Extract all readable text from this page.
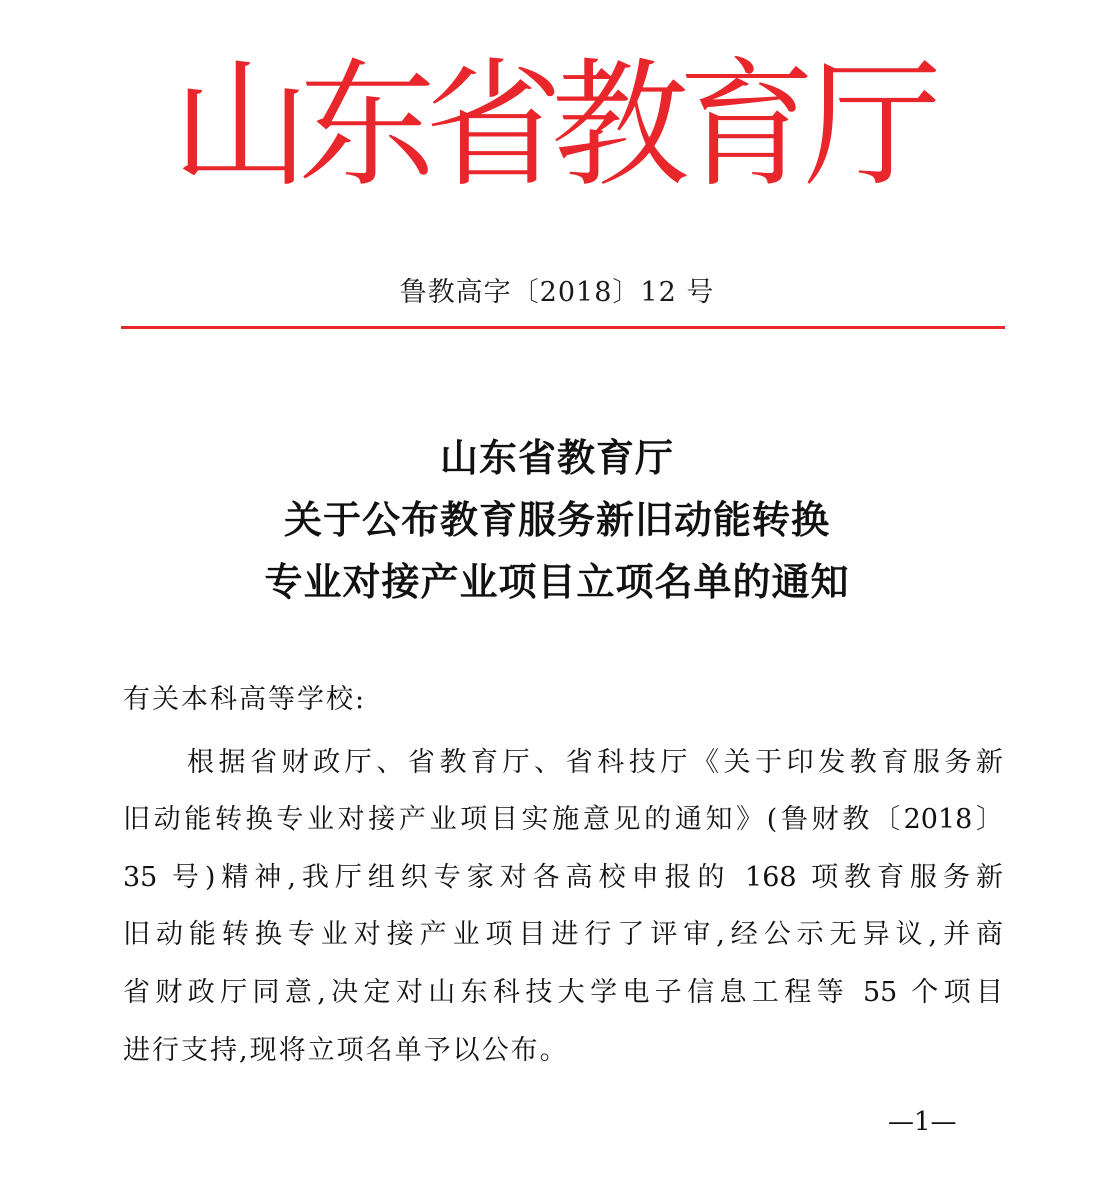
山东省教育厅
鲁教高字〔2018〕12 号
山东省教育厅
关于公布教育服务新旧动能转换
专业对接产业项目立项名单的通知
有关本科高等学校:
根据省财政厅、省教育厅、省科技厅《关于印发教育服务新
旧动能转换专业对接产业项目实施意见的通知》(鲁财教〔2018〕
35 号)精神,我厅组织专家对各高校申报的 168 项教育服务新
旧动能转换专业对接产业项目进行了评审,经公示无异议,并商
省财政厅同意,决定对山东科技大学电子信息工程等 55 个项目
进行支持,现将立项名单予以公布。
—1—
